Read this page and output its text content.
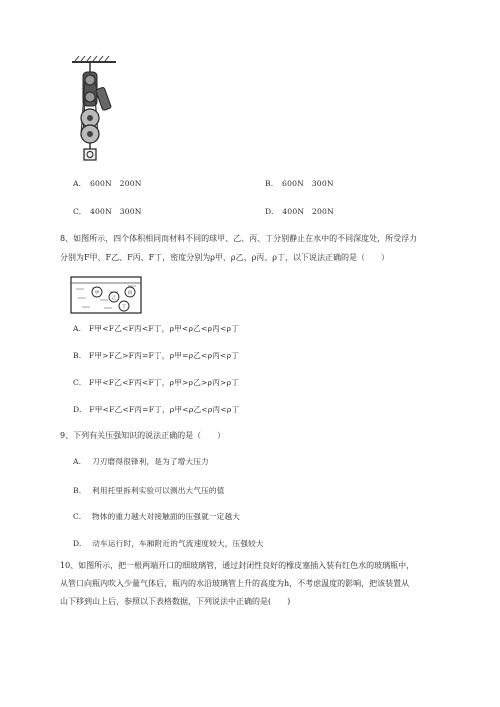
A. 600N　200N	B. 600N　300N
C. 400N　300N	D. 400N　200N
8、如图所示，四个体积相同而材料不同的球甲、乙、丙、丁分别静止在水中的不同深度处，所受浮力
分别为F甲、F乙、F丙、F丁，密度分别为ρ甲、ρ乙、ρ丙、ρ丁，以下说法正确的是（　　）
甲
乙
丙
丁
A. F甲<F乙<F丙<F丁，ρ甲<ρ乙<ρ丙<ρ丁
B. F甲>F乙>F丙=F丁，ρ甲=ρ乙<ρ丙<ρ丁
C. F甲<F乙<F丙<F丁，ρ甲>ρ乙>ρ丙>ρ丁
D. F甲<F乙<F丙=F丁，ρ甲<ρ乙<ρ丙<ρ丁
9、下列有关压强知识的说法正确的是（　　）
A. 刀刃磨得很锋利，是为了增大压力
B. 利用托里拆利实验可以测出大气压的值
C. 物体的重力越大对接触面的压强就一定越大
D. 动车运行时，车厢附近的气流速度较大，压强较大
10、如图所示，把一根两端开口的细玻璃管，通过封闭性良好的橡皮塞插入装有红色水的玻璃瓶中，
从管口向瓶内吹入少量气体后，瓶内的水沿玻璃管上升的高度为h，不考虑温度的影响，把该装置从
山下移到山上后，参照以下表格数据，下列说法中正确的是(　　)
